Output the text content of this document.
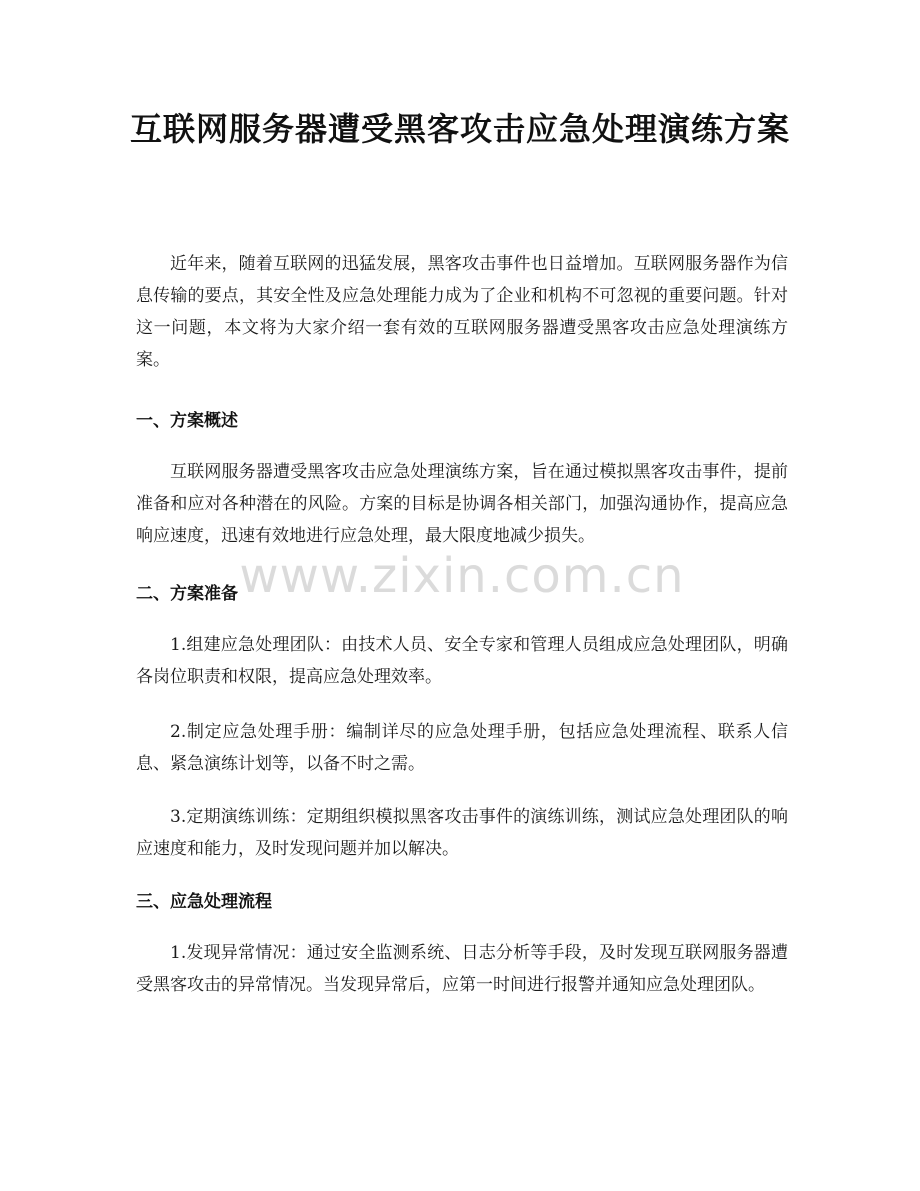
互联网服务器遭受黑客攻击应急处理演练方案

近年来，随着互联网的迅猛发展，黑客攻击事件也日益增加。互联网服务器作为信息传输的要点，其安全性及应急处理能力成为了企业和机构不可忽视的重要问题。针对这一问题，本文将为大家介绍一套有效的互联网服务器遭受黑客攻击应急处理演练方案。

一、方案概述

互联网服务器遭受黑客攻击应急处理演练方案，旨在通过模拟黑客攻击事件，提前准备和应对各种潜在的风险。方案的目标是协调各相关部门，加强沟通协作，提高应急响应速度，迅速有效地进行应急处理，最大限度地减少损失。

二、方案准备

1.组建应急处理团队：由技术人员、安全专家和管理人员组成应急处理团队，明确各岗位职责和权限，提高应急处理效率。

2.制定应急处理手册：编制详尽的应急处理手册，包括应急处理流程、联系人信息、紧急演练计划等，以备不时之需。

3.定期演练训练：定期组织模拟黑客攻击事件的演练训练，测试应急处理团队的响应速度和能力，及时发现问题并加以解决。

三、应急处理流程

1.发现异常情况：通过安全监测系统、日志分析等手段，及时发现互联网服务器遭受黑客攻击的异常情况。当发现异常后，应第一时间进行报警并通知应急处理团队。

www.zixin.com.cn
